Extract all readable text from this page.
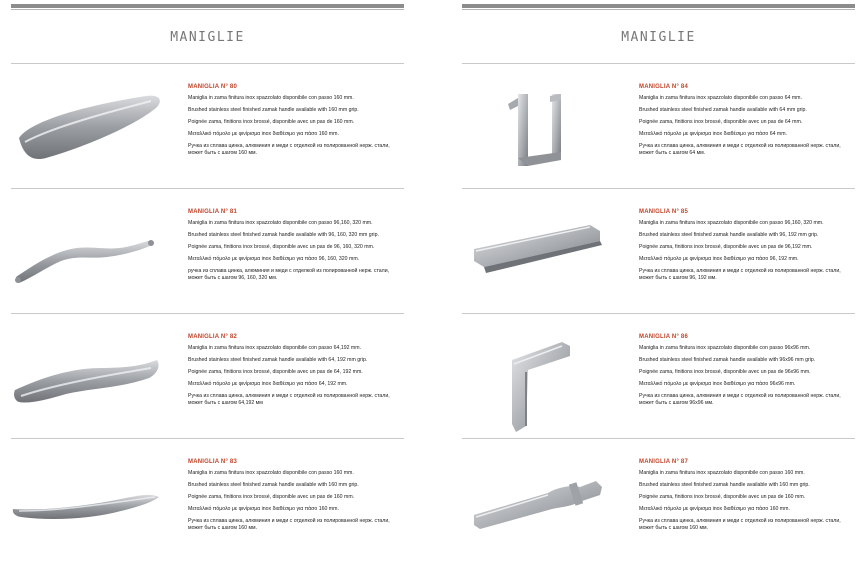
MANIGLIE
MANIGLIA N° 80
Maniglia in zama finitura inox spazzolato disponibile con passo 160 mm.
Brushed stainless steel finished zamak handle available with 160 mm grip.
Poignée zama, finitions inox brossé, disponible avec un pas de 160 mm.
Μεταλλικό πόμολο με φινίρισμα inox διαθέσιμο για πάσο 160 mm.
Ручка из сплава цинка, алюминия и меди с отделкой из полированной нерж. стали, может быть с шагом 160 мм.
MANIGLIA N° 81
Maniglia in zama finitura inox spazzolato disponibile con passo 96,160, 320 mm.
Brushed stainless steel finished zamak handle available with 96, 160, 320 mm grip.
Poignée zama, finitions inox brossé, disponible avec un pas de 96, 160, 320 mm.
Μεταλλικό πόμολο με φινίρισμα inox διαθέσιμο για πάσο 96, 160, 320 mm.
ручка из сплава цинка, алюминия и меди с отделкой из полированной нерж. стали, может быть с шагом 96, 160, 320 мм.
MANIGLIA N° 82
Maniglia in zama finitura inox spazzolato disponibile con passo 64,192 mm.
Brushed stainless steel finished zamak handle available with 64, 192 mm grip.
Poignée zama, finitions inox brossé, disponible avec un pas de 64, 192 mm.
Μεταλλικό πόμολο με φινίρισμα inox διαθέσιμο για πάσο 64, 192 mm.
Ручка из сплава цинка, алюминия и меди с отделкой из полированной нерж. стали, может быть с шагом 64,192 мм
MANIGLIA N° 83
Maniglia in zama finitura inox spazzolato disponibile con passo 160 mm.
Brushed stainless steel finished zamak handle available with 160 mm grip.
Poignée zama, finitions inox brossé, disponible avec un pas de 160 mm.
Μεταλλικό πόμολο με φινίρισμα inox διαθέσιμο για πάσο 160 mm.
Ручка из сплава цинка, алюминия и меди с отделкой из полированной нерж. стали, может быть с шагом 160 мм.
MANIGLIE
MANIGLIA N° 84
Maniglia in zama finitura inox spazzolato disponibile con passo 64 mm.
Brushed stainless steel finished zamak handle available with 64 mm grip.
Poignée zama, finitions inox brossé, disponible avec un pas de 64 mm.
Μεταλλικό πόμολο με φινίρισμα inox διαθέσιμο για πάσο 64 mm.
Ручка из сплава цинка, алюминия и меди с отделкой из полированной нерж. стали, может быть с шагом 64 мм.
MANIGLIA N° 85
Maniglia in zama finitura inox spazzolato disponibile con passo 96,160, 320 mm.
Brushed stainless steel finished zamak handle available with 96, 192 mm grip.
Poignée zama, finitions inox brossé, disponible avec un pas de 96,192 mm.
Μεταλλικό πόμολο με φινίρισμα inox διαθέσιμο για πάσο 96, 192 mm.
Ручка из сплава цинка, алюминия и меди с отделкой из полированной нерж. стали, может быть с шагом 96, 192 мм.
MANIGLIA N° 86
Maniglia in zama finitura inox spazzolato disponibile con passo 96x96 mm.
Brushed stainless steel finished zamak handle available with 96x96 mm grip.
Poignée zama, finitions inox brossé, disponible avec un pas de 96x96 mm.
Μεταλλικό πόμολο με φινίρισμα inox διαθέσιμο για πάσο 96x96 mm.
Ручка из сплава цинка, алюминия и меди с отделкой из полированной нерж. стали, может быть с шагом 96x96 мм.
MANIGLIA N° 87
Maniglia in zama finitura inox spazzolato disponibile con passo 160 mm.
Brushed stainless steel finished zamak handle available with 160 mm grip.
Poignée zama, finitions inox brossé, disponible avec un pas de 160 mm.
Μεταλλικό πόμολο με φινίρισμα inox διαθέσιμο για πάσο 160 mm.
Ручка из сплава цинка, алюминия и меди с отделкой из полированной нерж. стали, может быть с шагом 160 мм.
